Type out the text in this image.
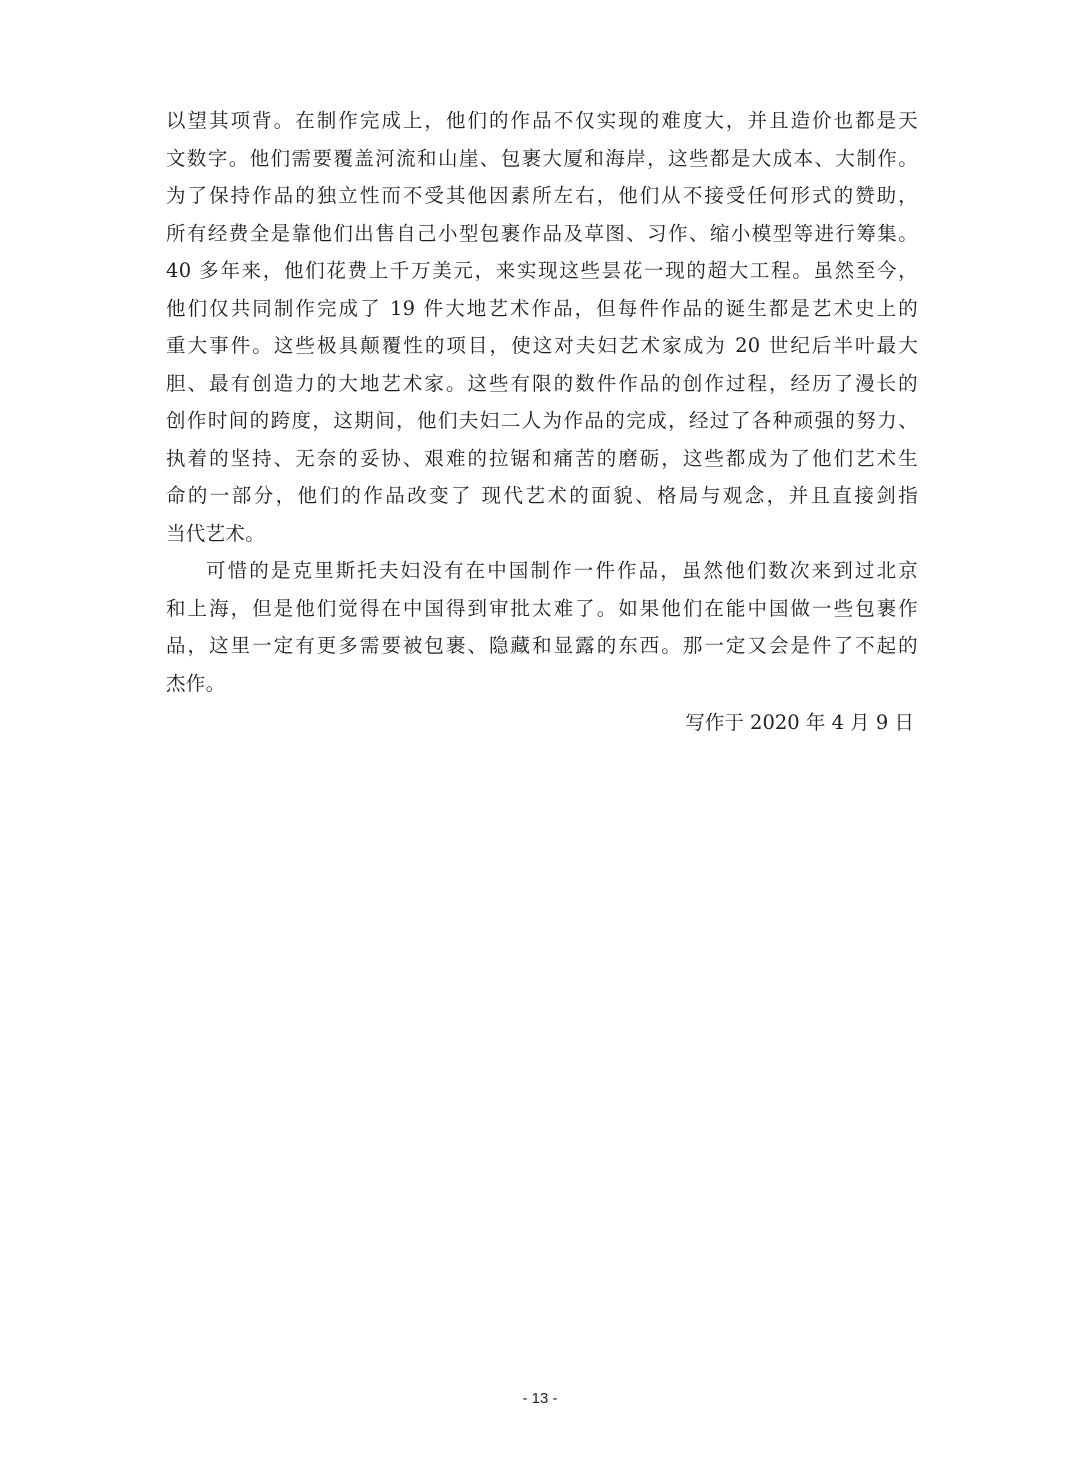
以望其项背。在制作完成上，他们的作品不仅实现的难度大，并且造价也都是天
文数字。他们需要覆盖河流和山崖、包裹大厦和海岸，这些都是大成本、大制作。
为了保持作品的独立性而不受其他因素所左右，他们从不接受任何形式的赞助，
所有经费全是靠他们出售自己小型包裹作品及草图、习作、缩小模型等进行筹集。
40 多年来，他们花费上千万美元，来实现这些昙花一现的超大工程。虽然至今，
他们仅共同制作完成了 19 件大地艺术作品，但每件作品的诞生都是艺术史上的
重大事件。这些极具颠覆性的项目，使这对夫妇艺术家成为 20 世纪后半叶最大
胆、最有创造力的大地艺术家。这些有限的数件作品的创作过程，经历了漫长的
创作时间的跨度，这期间，他们夫妇二人为作品的完成，经过了各种顽强的努力、
执着的坚持、无奈的妥协、艰难的拉锯和痛苦的磨砺，这些都成为了他们艺术生
命的一部分，他们的作品改变了 现代艺术的面貌、格局与观念，并且直接剑指
当代艺术。
可惜的是克里斯托夫妇没有在中国制作一件作品，虽然他们数次来到过北京
和上海，但是他们觉得在中国得到审批太难了。如果他们在能中国做一些包裹作
品，这里一定有更多需要被包裹、隐藏和显露的东西。那一定又会是件了不起的
杰作。
写作于 2020 年 4 月 9 日
- 13 -
